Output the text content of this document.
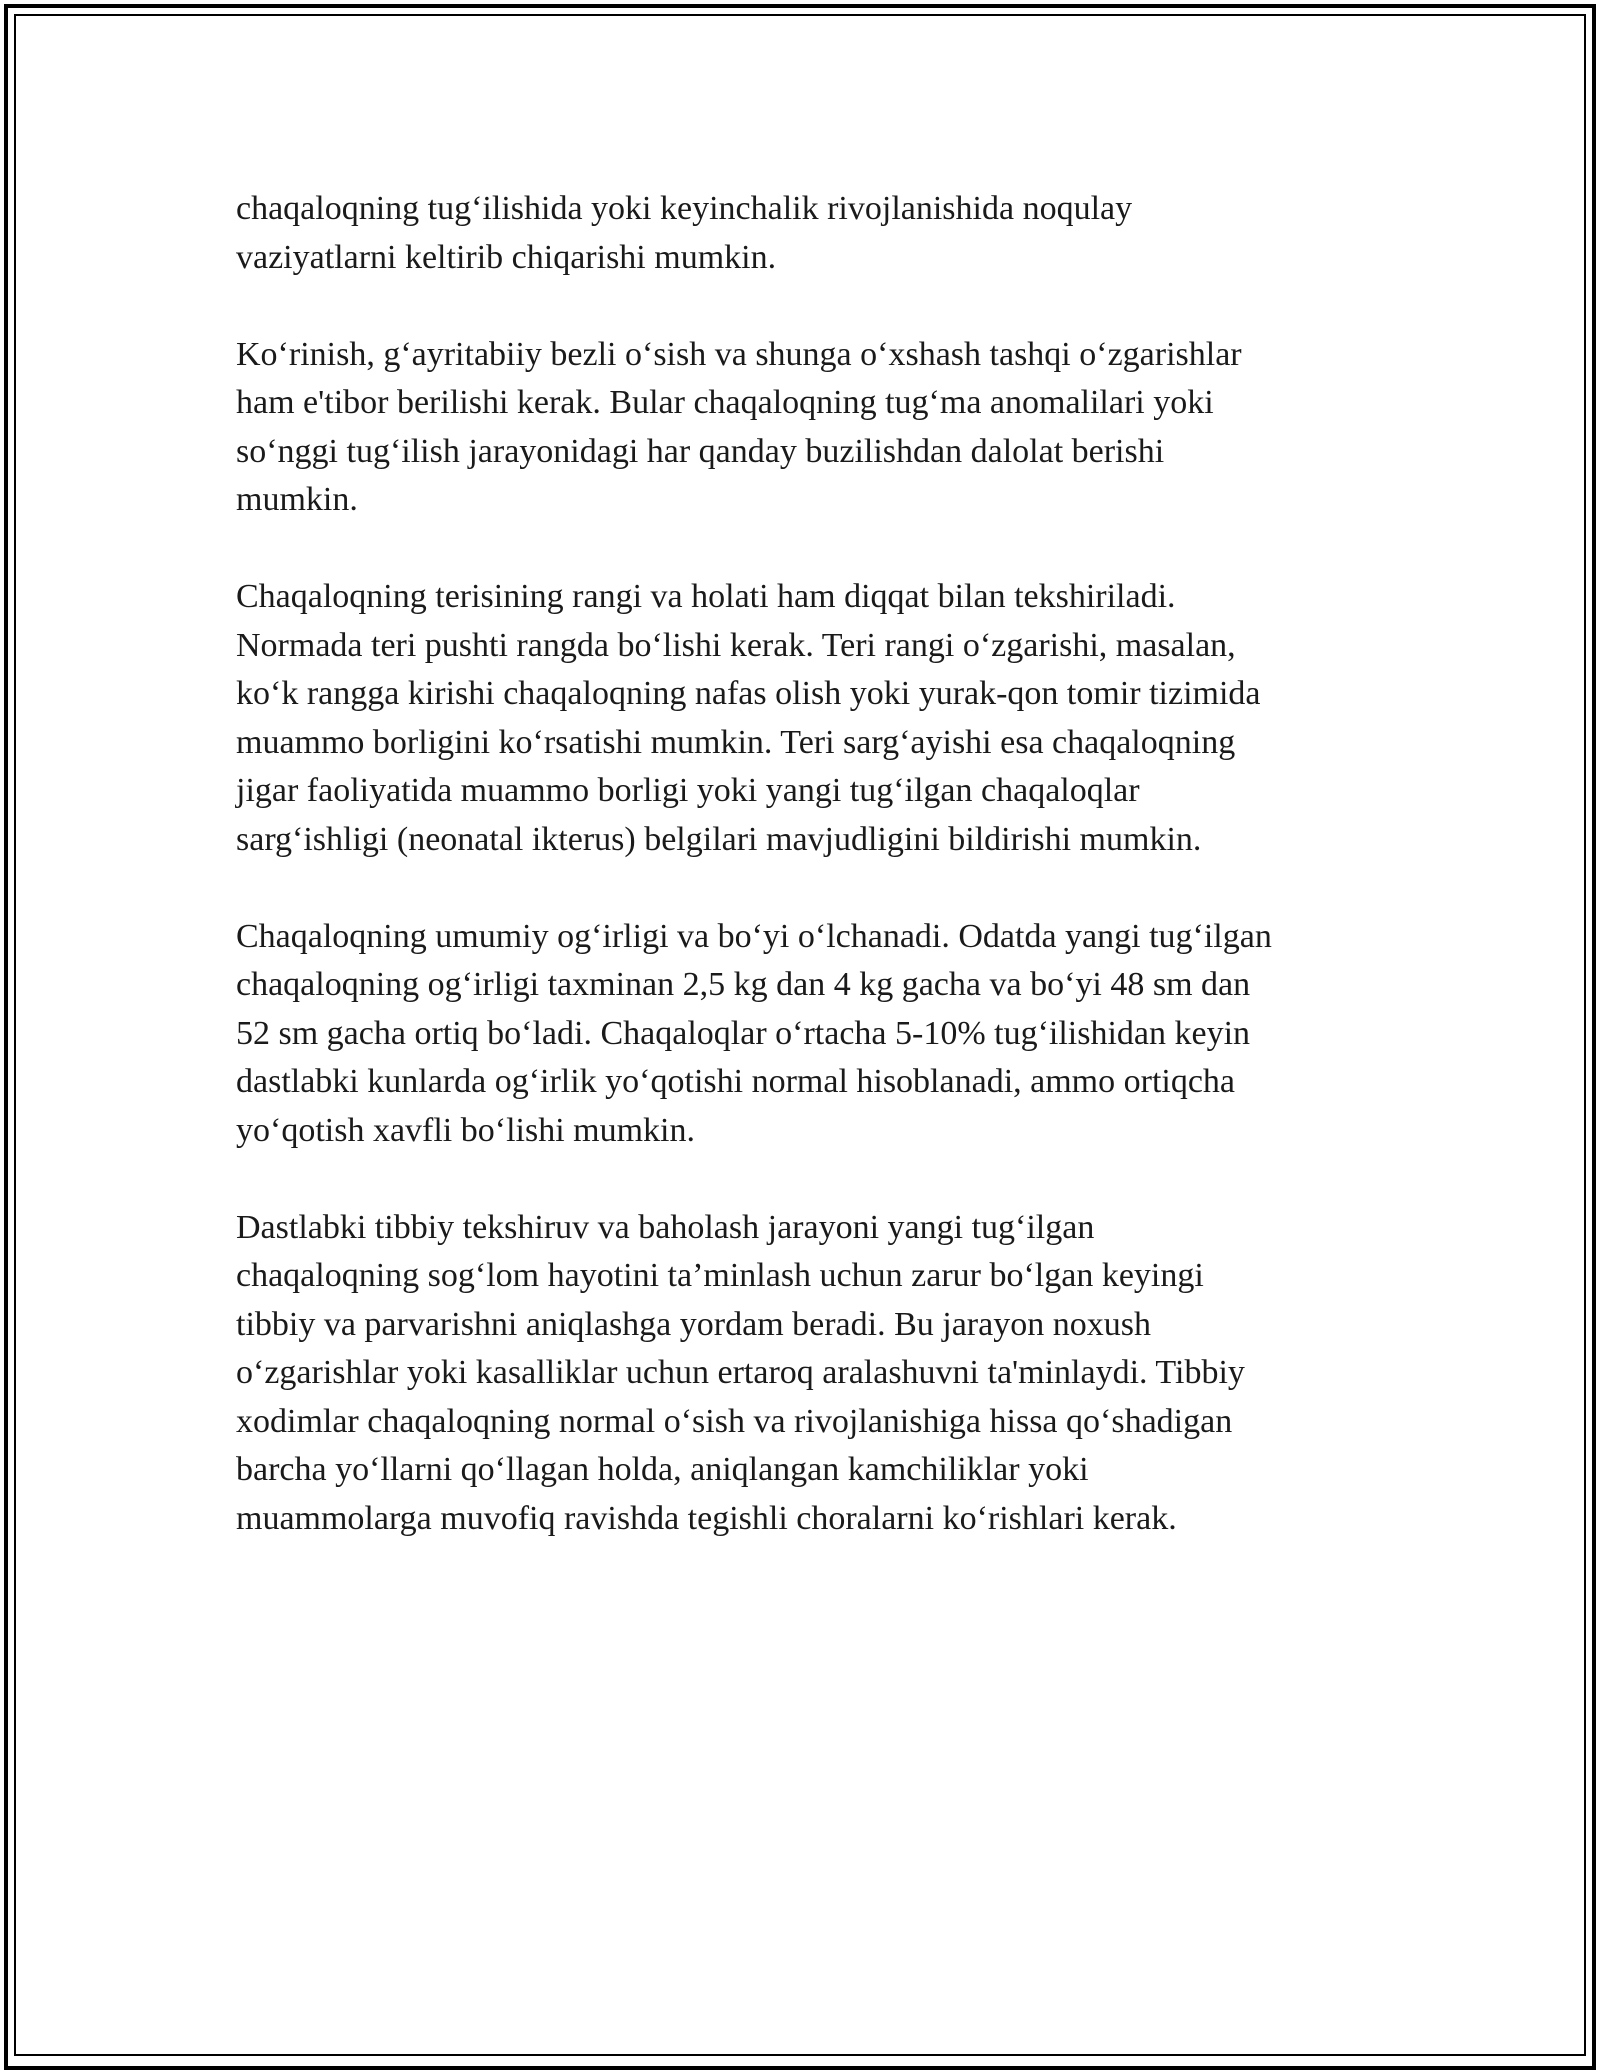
chaqaloqning tug‘ilishida yoki keyinchalik rivojlanishida noqulay
vaziyatlarni keltirib chiqarishi mumkin.

Ko‘rinish, g‘ayritabiiy bezli o‘sish va shunga o‘xshash tashqi o‘zgarishlar
ham e'tibor berilishi kerak. Bular chaqaloqning tug‘ma anomalilari yoki
so‘nggi tug‘ilish jarayonidagi har qanday buzilishdan dalolat berishi
mumkin.

Chaqaloqning terisining rangi va holati ham diqqat bilan tekshiriladi.
Normada teri pushti rangda bo‘lishi kerak. Teri rangi o‘zgarishi, masalan,
ko‘k rangga kirishi chaqaloqning nafas olish yoki yurak-qon tomir tizimida
muammo borligini ko‘rsatishi mumkin. Teri sarg‘ayishi esa chaqaloqning
jigar faoliyatida muammo borligi yoki yangi tug‘ilgan chaqaloqlar
sarg‘ishligi (neonatal ikterus) belgilari mavjudligini bildirishi mumkin.

Chaqaloqning umumiy og‘irligi va bo‘yi o‘lchanadi. Odatda yangi tug‘ilgan
chaqaloqning og‘irligi taxminan 2,5 kg dan 4 kg gacha va bo‘yi 48 sm dan
52 sm gacha ortiq bo‘ladi. Chaqaloqlar o‘rtacha 5-10% tug‘ilishidan keyin
dastlabki kunlarda og‘irlik yo‘qotishi normal hisoblanadi, ammo ortiqcha
yo‘qotish xavfli bo‘lishi mumkin.

Dastlabki tibbiy tekshiruv va baholash jarayoni yangi tug‘ilgan
chaqaloqning sog‘lom hayotini ta’minlash uchun zarur bo‘lgan keyingi
tibbiy va parvarishni aniqlashga yordam beradi. Bu jarayon noxush
o‘zgarishlar yoki kasalliklar uchun ertaroq aralashuvni ta'minlaydi. Tibbiy
xodimlar chaqaloqning normal o‘sish va rivojlanishiga hissa qo‘shadigan
barcha yo‘llarni qo‘llagan holda, aniqlangan kamchiliklar yoki
muammolarga muvofiq ravishda tegishli choralarni ko‘rishlari kerak.
